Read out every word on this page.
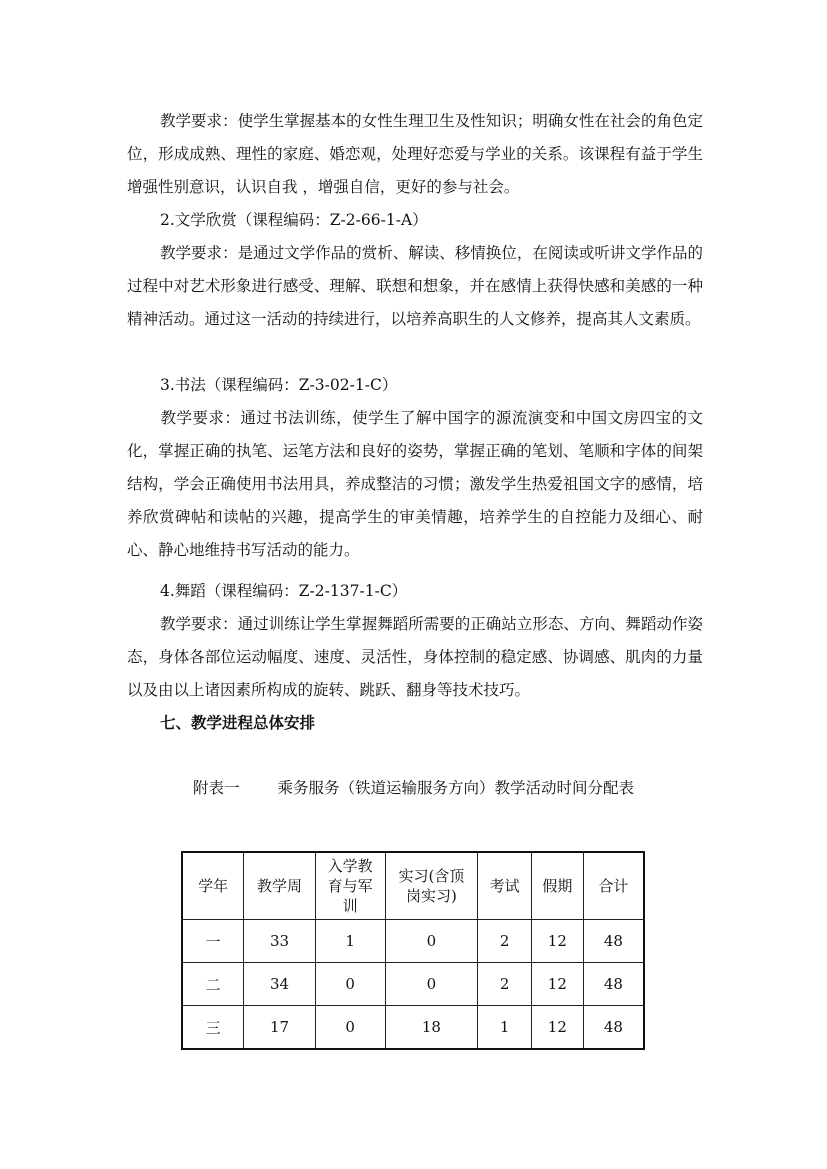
教学要求：使学生掌握基本的女性生理卫生及性知识；明确女性在社会的角色定位，形成成熟、理性的家庭、婚恋观，处理好恋爱与学业的关系。该课程有益于学生增强性别意识，认识自我 ，增强自信，更好的参与社会。

2.文学欣赏（课程编码：Z-2-66-1-A）

教学要求：是通过文学作品的赏析、解读、移情换位，在阅读或听讲文学作品的过程中对艺术形象进行感受、理解、联想和想象，并在感情上获得快感和美感的一种精神活动。通过这一活动的持续进行，以培养高职生的人文修养，提高其人文素质。

3.书法（课程编码：Z-3-02-1-C）

教学要求：通过书法训练，使学生了解中国字的源流演变和中国文房四宝的文化，掌握正确的执笔、运笔方法和良好的姿势，掌握正确的笔划、笔顺和字体的间架结构，学会正确使用书法用具，养成整洁的习惯；激发学生热爱祖国文字的感情，培养欣赏碑帖和读帖的兴趣，提高学生的审美情趣，培养学生的自控能力及细心、耐心、静心地维持书写活动的能力。

4.舞蹈（课程编码：Z-2-137-1-C）

教学要求：通过训练让学生掌握舞蹈所需要的正确站立形态、方向、舞蹈动作姿态，身体各部位运动幅度、速度、灵活性，身体控制的稳定感、协调感、肌肉的力量以及由以上诸因素所构成的旋转、跳跃、翻身等技术技巧。

七、教学进程总体安排

附表一 乘务服务（铁道运输服务方向）教学活动时间分配表
学年	教学周	入学教育与军训	实习(含顶岗实习)	考试	假期	合计
一	33	1	0	2	12	48
二	34	0	0	2	12	48
三	17	0	18	1	12	48
